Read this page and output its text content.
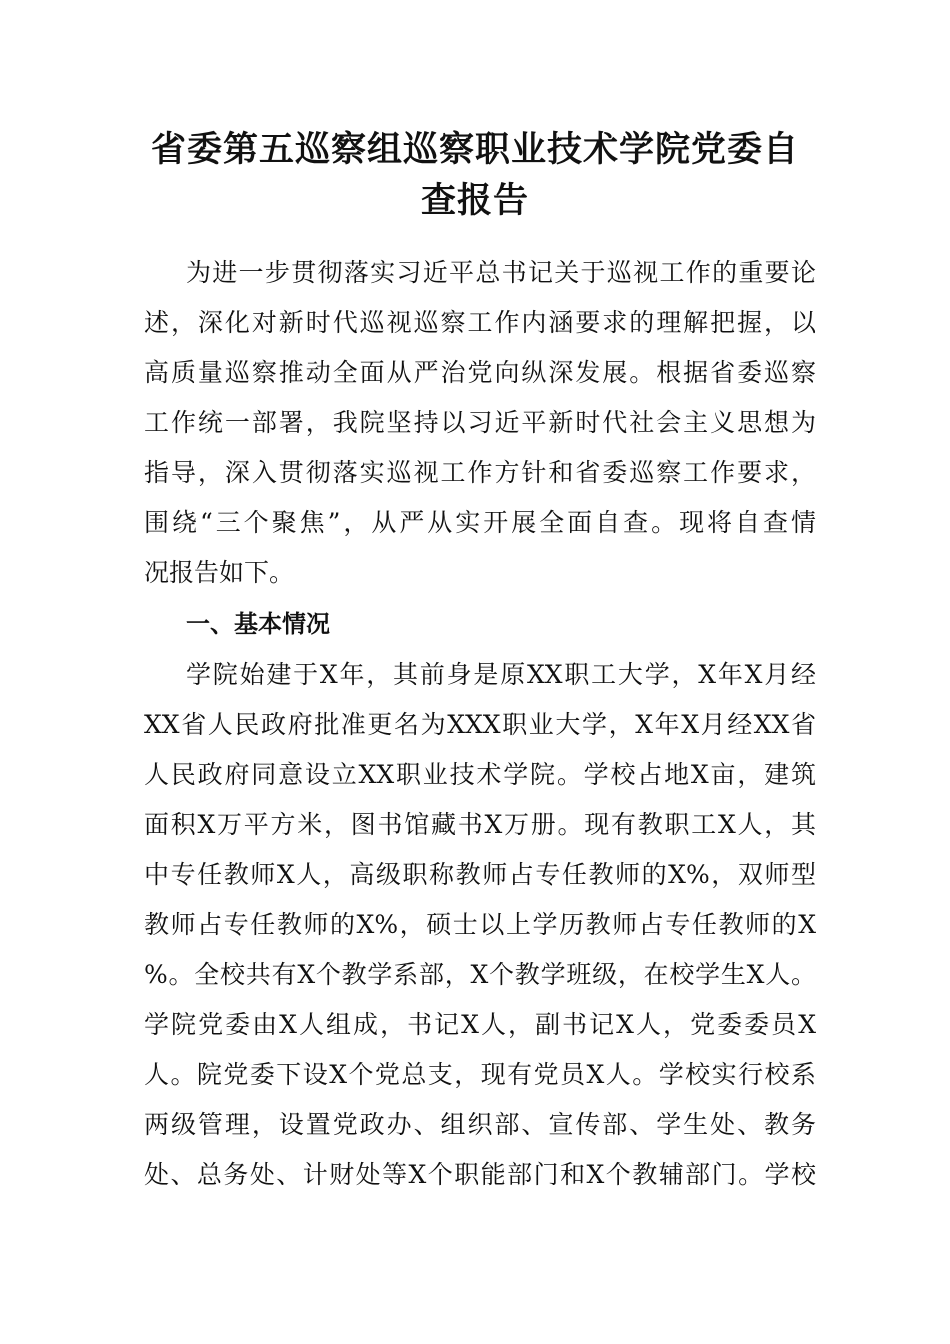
省委第五巡察组巡察职业技术学院党委自
查报告
为进一步贯彻落实习近平总书记关于巡视工作的重要论
述，深化对新时代巡视巡察工作内涵要求的理解把握，以
高质量巡察推动全面从严治党向纵深发展。根据省委巡察
工作统一部署，我院坚持以习近平新时代社会主义思想为
指导，深入贯彻落实巡视工作方针和省委巡察工作要求，
围绕“三个聚焦”，从严从实开展全面自查。现将自查情
况报告如下。
一、基本情况
学院始建于X年，其前身是原XX职工大学，X年X月经
XX省人民政府批准更名为XXX职业大学，X年X月经XX省
人民政府同意设立XX职业技术学院。学校占地X亩，建筑
面积X万平方米，图书馆藏书X万册。现有教职工X人，其
中专任教师X人，高级职称教师占专任教师的X%，双师型
教师占专任教师的X%，硕士以上学历教师占专任教师的X
%。全校共有X个教学系部，X个教学班级，在校学生X人。
学院党委由X人组成，书记X人，副书记X人，党委委员X
人。院党委下设X个党总支，现有党员X人。学校实行校系
两级管理，设置党政办、组织部、宣传部、学生处、教务
处、总务处、计财处等X个职能部门和X个教辅部门。学校
